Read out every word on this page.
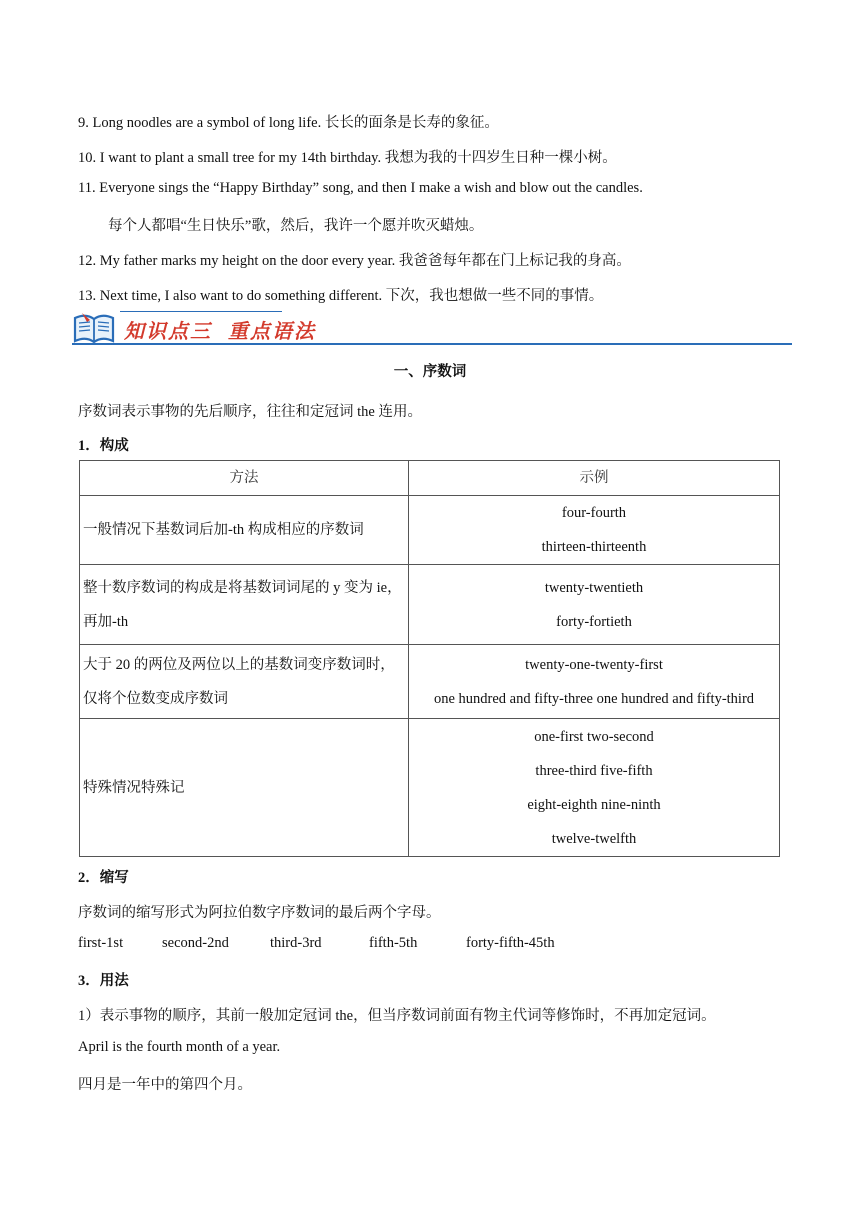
9. Long noodles are a symbol of long life. 长长的面条是长寿的象征。
10. I want to plant a small tree for my 14th birthday. 我想为我的十四岁生日种一棵小树。
11. Everyone sings the “Happy Birthday” song, and then I make a wish and blow out the candles.
每个人都唱“生日快乐”歌，然后，我许一个愿并吹灭蜡烛。
12. My father marks my height on the door every year. 我爸爸每年都在门上标记我的身高。
13. Next time, I also want to do something different. 下次，我也想做一些不同的事情。
知识点三 重点语法
一、序数词
序数词表示事物的先后顺序，往往和定冠词 the 连用。
1．构成
方法	示例
一般情况下基数词后加-th 构成相应的序数词	four-fourth
thirteen-thirteenth

整十数序数词的构成是将基数词词尾的 y 变为 ie，再加-th	twenty-twentieth
forty-fortieth

大于 20 的两位及两位以上的基数词变序数词时，仅将个位数变成序数词	twenty-one-twenty-first
one hundred and fifty-three one hundred and fifty-third

特殊情况特殊记	one-first two-second
three-third five-fifth
eight-eighth nine-ninth
twelve-twelfth
2．缩写
序数词的缩写形式为阿拉伯数字序数词的最后两个字母。
first-1st	second-2nd	third-3rd	fifth-5th	forty-fifth-45th
3．用法
1）表示事物的顺序，其前一般加定冠词 the，但当序数词前面有物主代词等修饰时，不再加定冠词。
April is the fourth month of a year.
四月是一年中的第四个月。
